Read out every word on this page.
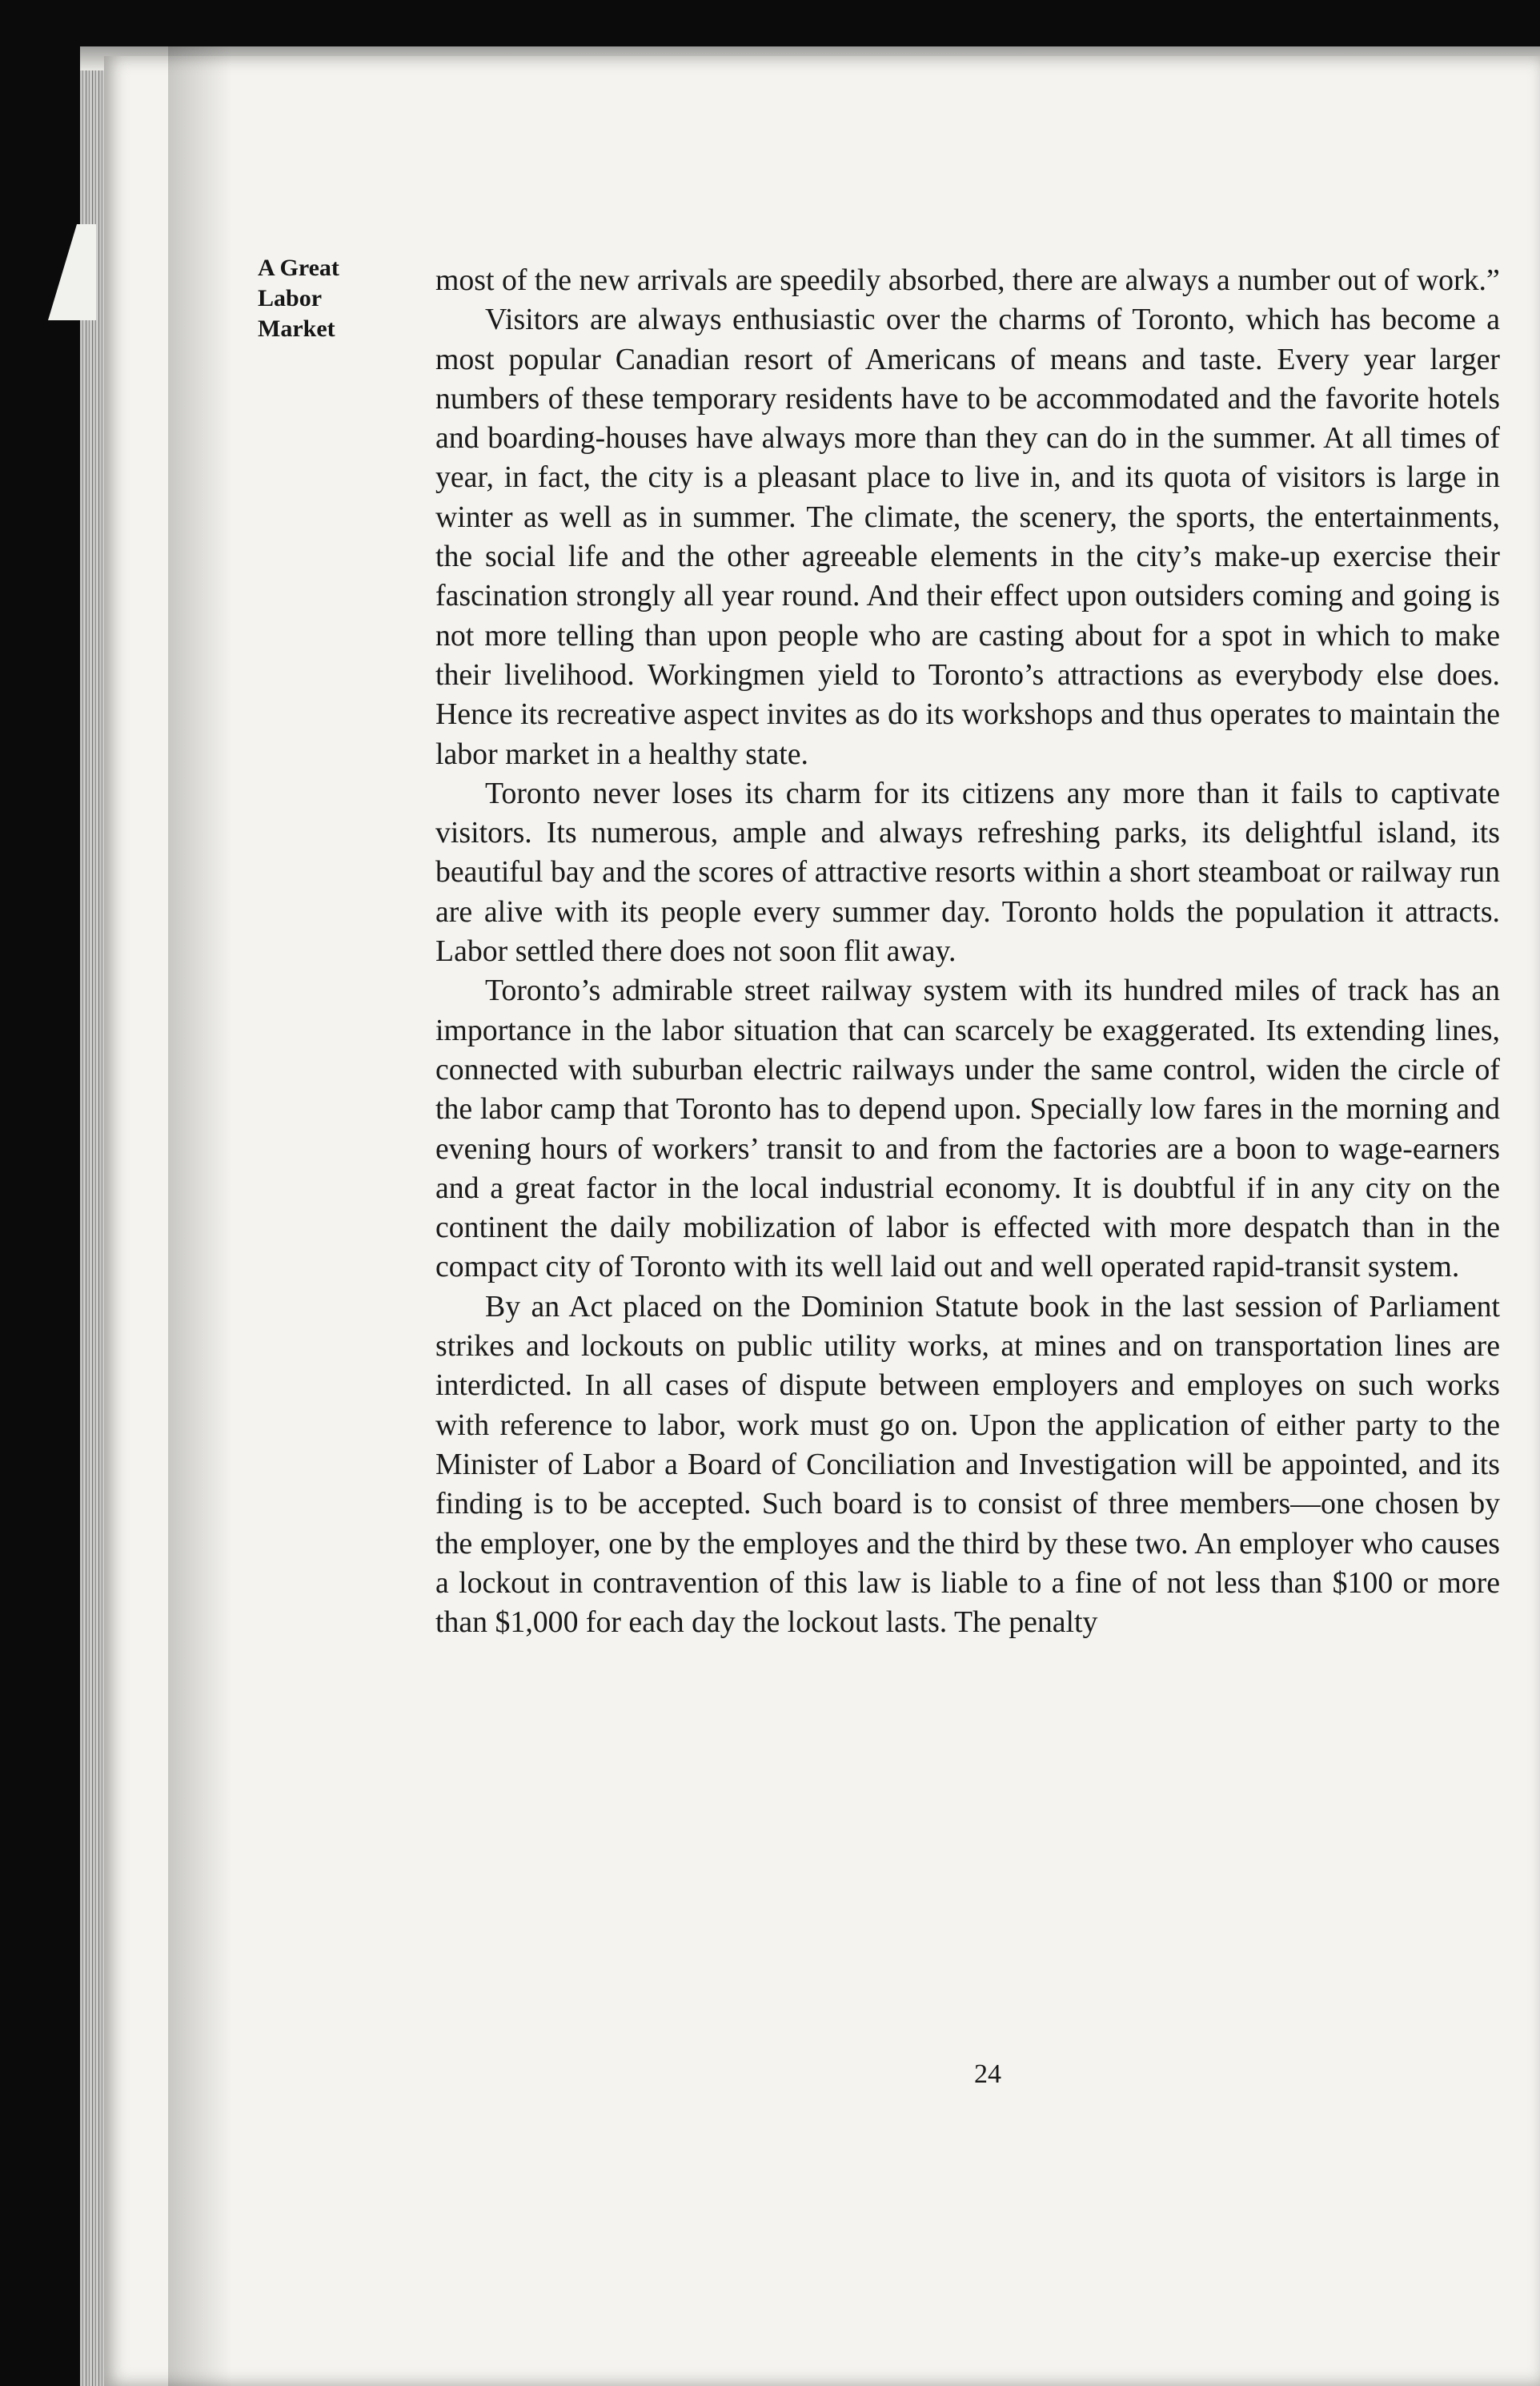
A Great
Labor
Market

most of the new arrivals are speedily absorbed, there are always a number out of work.”

Visitors are always enthusiastic over the charms of Toronto, which has become a most popular Canadian resort of Americans of means and taste. Every year larger numbers of these temporary residents have to be accommodated and the favorite hotels and boarding-houses have always more than they can do in the summer. At all times of year, in fact, the city is a pleasant place to live in, and its quota of visitors is large in winter as well as in summer. The climate, the scenery, the sports, the entertainments, the social life and the other agreeable elements in the city’s make-up exercise their fascination strongly all year round. And their effect upon outsiders coming and going is not more telling than upon people who are casting about for a spot in which to make their livelihood. Workingmen yield to Toronto’s attractions as everybody else does. Hence its recreative aspect invites as do its workshops and thus operates to maintain the labor market in a healthy state.

Toronto never loses its charm for its citizens any more than it fails to captivate visitors. Its numerous, ample and always refreshing parks, its delightful island, its beautiful bay and the scores of attractive resorts within a short steamboat or railway run are alive with its people every summer day. Toronto holds the population it attracts. Labor settled there does not soon flit away.

Toronto’s admirable street railway system with its hundred miles of track has an importance in the labor situation that can scarcely be exaggerated. Its extending lines, connected with suburban electric railways under the same control, widen the circle of the labor camp that Toronto has to depend upon. Specially low fares in the morning and evening hours of workers’ transit to and from the factories are a boon to wage-earners and a great factor in the local industrial economy. It is doubtful if in any city on the continent the daily mobilization of labor is effected with more despatch than in the compact city of Toronto with its well laid out and well operated rapid-transit system.

By an Act placed on the Dominion Statute book in the last session of Parliament strikes and lockouts on public utility works, at mines and on transportation lines are interdicted. In all cases of dispute between employers and employes on such works with reference to labor, work must go on. Upon the application of either party to the Minister of Labor a Board of Conciliation and Investigation will be appointed, and its finding is to be accepted. Such board is to consist of three members—one chosen by the employer, one by the employes and the third by these two. An employer who causes a lockout in contravention of this law is liable to a fine of not less than $100 or more than $1,000 for each day the lockout lasts. The penalty

24
